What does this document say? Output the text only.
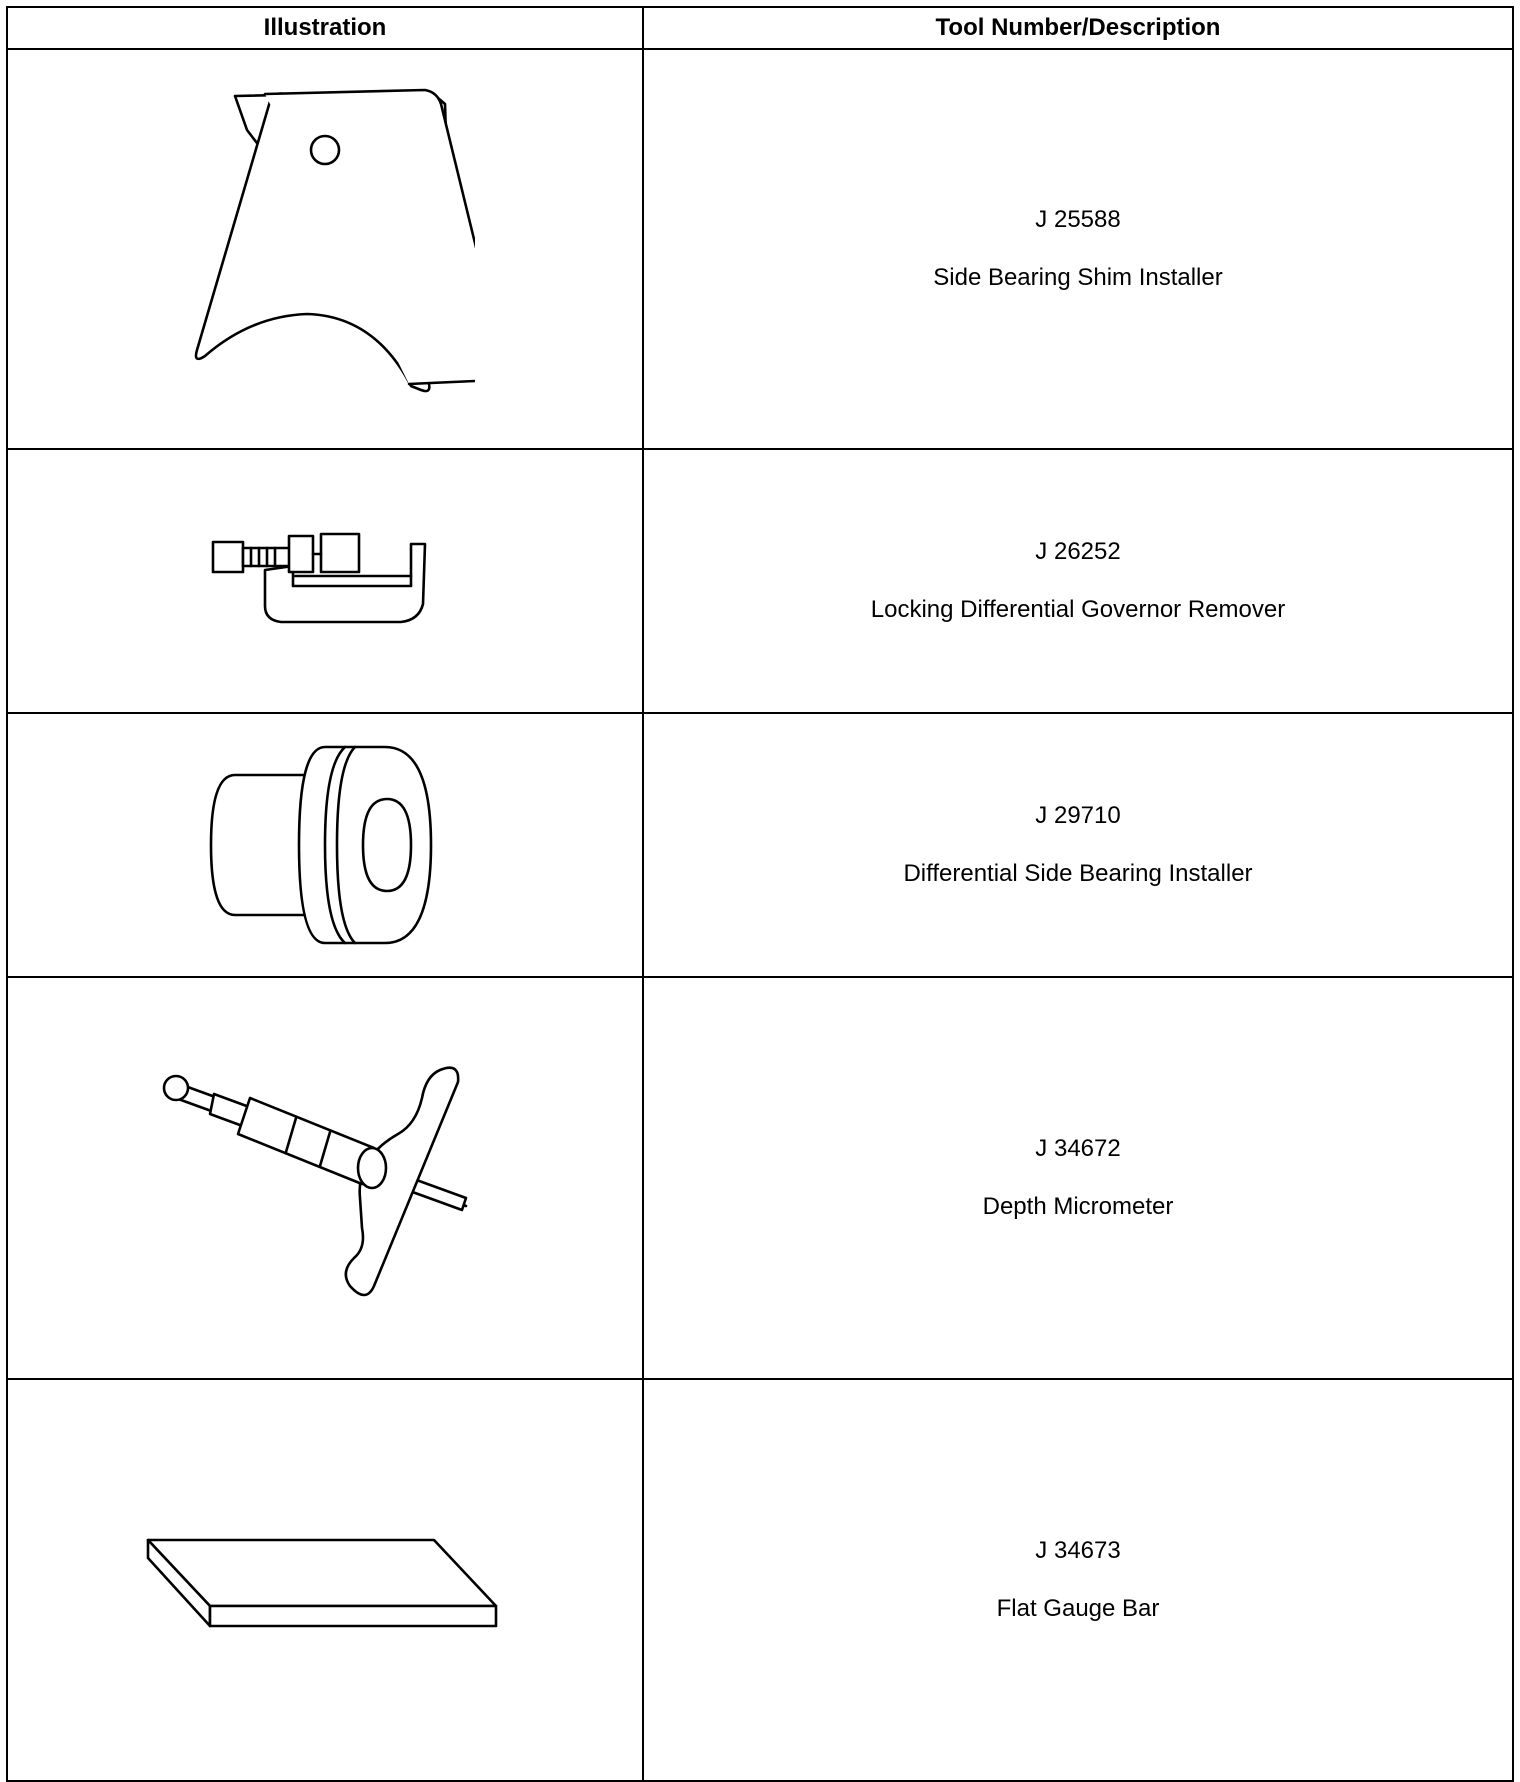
Illustration	Tool Number/Description

J 25588
Side Bearing Shim Installer

J 26252
Locking Differential Governor Remover

J 29710
Differential Side Bearing Installer

J 34672
Depth Micrometer

J 34673
Flat Gauge Bar
